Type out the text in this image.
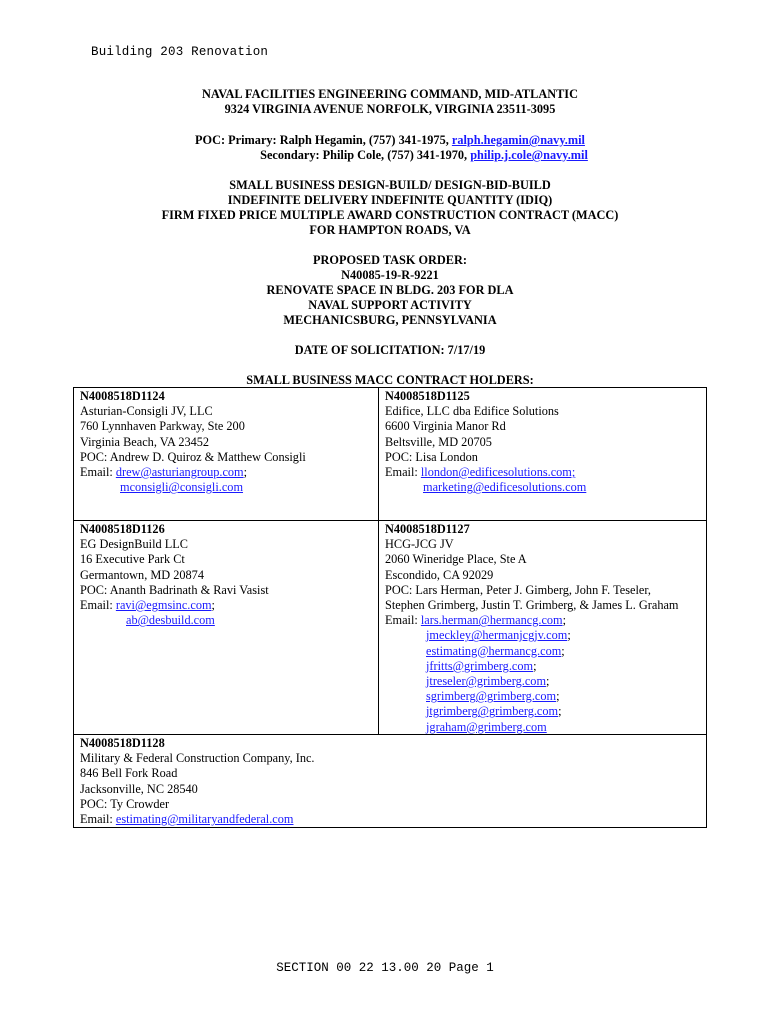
Building 203 Renovation
NAVAL FACILITIES ENGINEERING COMMAND, MID-ATLANTIC
9324 VIRGINIA AVENUE NORFOLK, VIRGINIA 23511-3095
POC: Primary: Ralph Hegamin, (757) 341-1975, ralph.hegamin@navy.mil
Secondary: Philip Cole, (757) 341-1970, philip.j.cole@navy.mil
SMALL BUSINESS DESIGN-BUILD/ DESIGN-BID-BUILD
INDEFINITE DELIVERY INDEFINITE QUANTITY (IDIQ)
FIRM FIXED PRICE MULTIPLE AWARD CONSTRUCTION CONTRACT (MACC)
FOR HAMPTON ROADS, VA
PROPOSED TASK ORDER:
N40085-19-R-9221
RENOVATE SPACE IN BLDG. 203 FOR DLA
NAVAL SUPPORT ACTIVITY
MECHANICSBURG, PENNSYLVANIA
DATE OF SOLICITATION: 7/17/19
SMALL BUSINESS MACC CONTRACT HOLDERS:
N4008518D1124
Asturian-Consigli JV, LLC
760 Lynnhaven Parkway, Ste 200
Virginia Beach, VA 23452
POC: Andrew D. Quiroz & Matthew Consigli
Email: drew@asturiangroup.com;
mconsigli@consigli.com
N4008518D1125
Edifice, LLC dba Edifice Solutions
6600 Virginia Manor Rd
Beltsville, MD 20705
POC: Lisa London
Email: llondon@edificesolutions.com;
marketing@edificesolutions.com
N4008518D1126
EG DesignBuild LLC
16 Executive Park Ct
Germantown, MD 20874
POC: Ananth Badrinath & Ravi Vasist
Email: ravi@egmsinc.com;
ab@desbuild.com
N4008518D1127
HCG-JCG JV
2060 Wineridge Place, Ste A
Escondido, CA 92029
POC: Lars Herman, Peter J. Gimberg, John F. Teseler,
Stephen Grimberg, Justin T. Grimberg, & James L. Graham
Email: lars.herman@hermancg.com;
jmeckley@hermanjcgjv.com;
estimating@hermancg.com;
jfritts@grimberg.com;
jtreseler@grimberg.com;
sgrimberg@grimberg.com;
jtgrimberg@grimberg.com;
jgraham@grimberg.com
N4008518D1128
Military & Federal Construction Company, Inc.
846 Bell Fork Road
Jacksonville, NC 28540
POC: Ty Crowder
Email: estimating@militaryandfederal.com
SECTION 00 22 13.00 20 Page 1
